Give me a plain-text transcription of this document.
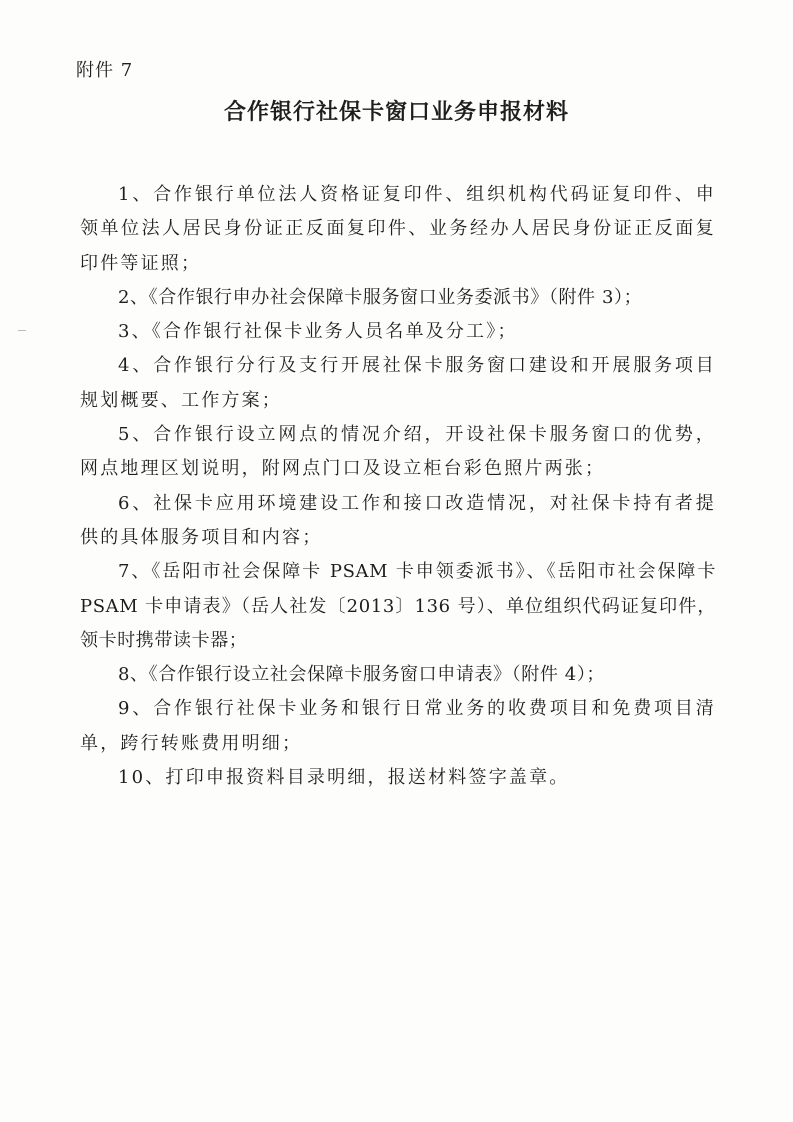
附件 7
合作银行社保卡窗口业务申报材料

1、合作银行单位法人资格证复印件、组织机构代码证复印件、申领单位法人居民身份证正反面复印件、业务经办人居民身份证正反面复印件等证照；

2、《合作银行申办社会保障卡服务窗口业务委派书》（附件 3）；

3、《合作银行社保卡业务人员名单及分工》；

4、合作银行分行及支行开展社保卡服务窗口建设和开展服务项目规划概要、工作方案；

5、合作银行设立网点的情况介绍，开设社保卡服务窗口的优势，网点地理区划说明，附网点门口及设立柜台彩色照片两张；

6、社保卡应用环境建设工作和接口改造情况，对社保卡持有者提供的具体服务项目和内容；

7、《岳阳市社会保障卡 PSAM 卡申领委派书》、《岳阳市社会保障卡 PSAM 卡申请表》（岳人社发〔2013〕136 号）、单位组织代码证复印件，领卡时携带读卡器；

8、《合作银行设立社会保障卡服务窗口申请表》（附件 4）；

9、合作银行社保卡业务和银行日常业务的收费项目和免费项目清单，跨行转账费用明细；

10、打印申报资料目录明细，报送材料签字盖章。
